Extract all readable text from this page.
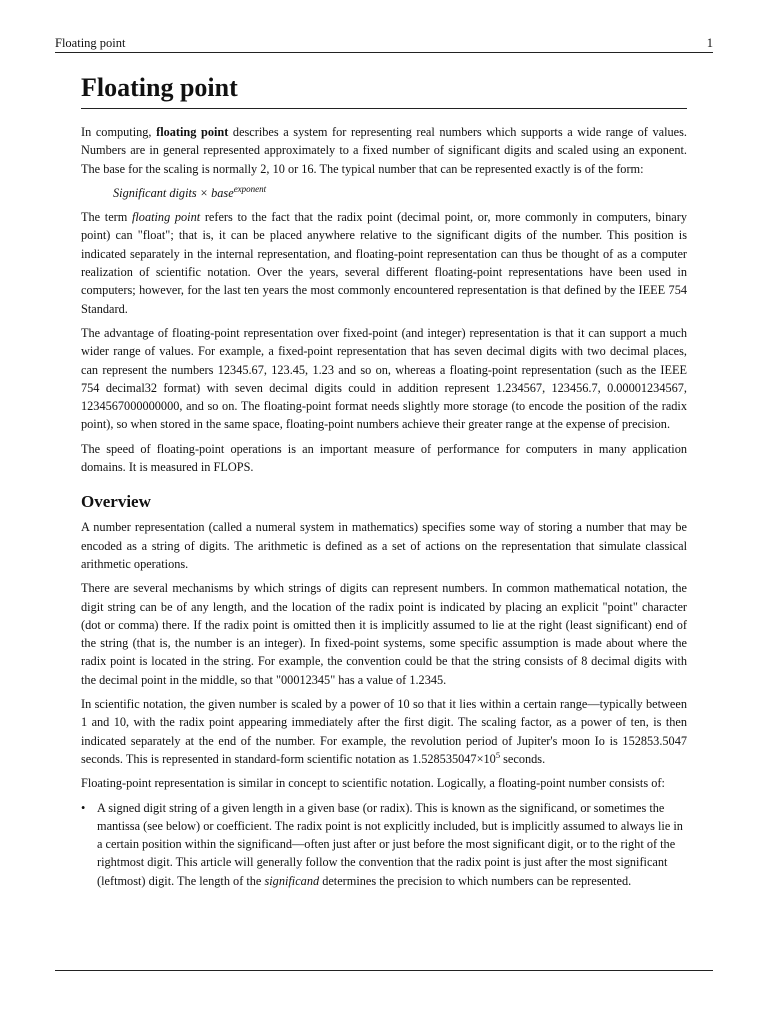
Floating point	1
Floating point

In computing, floating point describes a system for representing real numbers which supports a wide range of values. Numbers are in general represented approximately to a fixed number of significant digits and scaled using an exponent. The base for the scaling is normally 2, 10 or 16. The typical number that can be represented exactly is of the form:

Significant digits × base$^{exponent}$

The term floating point refers to the fact that the radix point (decimal point, or, more commonly in computers, binary point) can "float"; that is, it can be placed anywhere relative to the significant digits of the number. This position is indicated separately in the internal representation, and floating-point representation can thus be thought of as a computer realization of scientific notation. Over the years, several different floating-point representations have been used in computers; however, for the last ten years the most commonly encountered representation is that defined by the IEEE 754 Standard.

The advantage of floating-point representation over fixed-point (and integer) representation is that it can support a much wider range of values. For example, a fixed-point representation that has seven decimal digits with two decimal places, can represent the numbers 12345.67, 123.45, 1.23 and so on, whereas a floating-point representation (such as the IEEE 754 decimal32 format) with seven decimal digits could in addition represent 1.234567, 123456.7, 0.00001234567, 1234567000000000, and so on. The floating-point format needs slightly more storage (to encode the position of the radix point), so when stored in the same space, floating-point numbers achieve their greater range at the expense of precision.

The speed of floating-point operations is an important measure of performance for computers in many application domains. It is measured in FLOPS.

Overview

A number representation (called a numeral system in mathematics) specifies some way of storing a number that may be encoded as a string of digits. The arithmetic is defined as a set of actions on the representation that simulate classical arithmetic operations.

There are several mechanisms by which strings of digits can represent numbers. In common mathematical notation, the digit string can be of any length, and the location of the radix point is indicated by placing an explicit "point" character (dot or comma) there. If the radix point is omitted then it is implicitly assumed to lie at the right (least significant) end of the string (that is, the number is an integer). In fixed-point systems, some specific assumption is made about where the radix point is located in the string. For example, the convention could be that the string consists of 8 decimal digits with the decimal point in the middle, so that "00012345" has a value of 1.2345.

In scientific notation, the given number is scaled by a power of 10 so that it lies within a certain range—typically between 1 and 10, with the radix point appearing immediately after the first digit. The scaling factor, as a power of ten, is then indicated separately at the end of the number. For example, the revolution period of Jupiter's moon Io is 152853.5047 seconds. This is represented in standard-form scientific notation as $1.528535047\times 10^5$ seconds.

Floating-point representation is similar in concept to scientific notation. Logically, a floating-point number consists of:

• A signed digit string of a given length in a given base (or radix). This is known as the significand, or sometimes the mantissa (see below) or coefficient. The radix point is not explicitly included, but is implicitly assumed to always lie in a certain position within the significand—often just after or just before the most significant digit, or to the right of the rightmost digit. This article will generally follow the convention that the radix point is just after the most significant (leftmost) digit. The length of the significand determines the precision to which numbers can be represented.
